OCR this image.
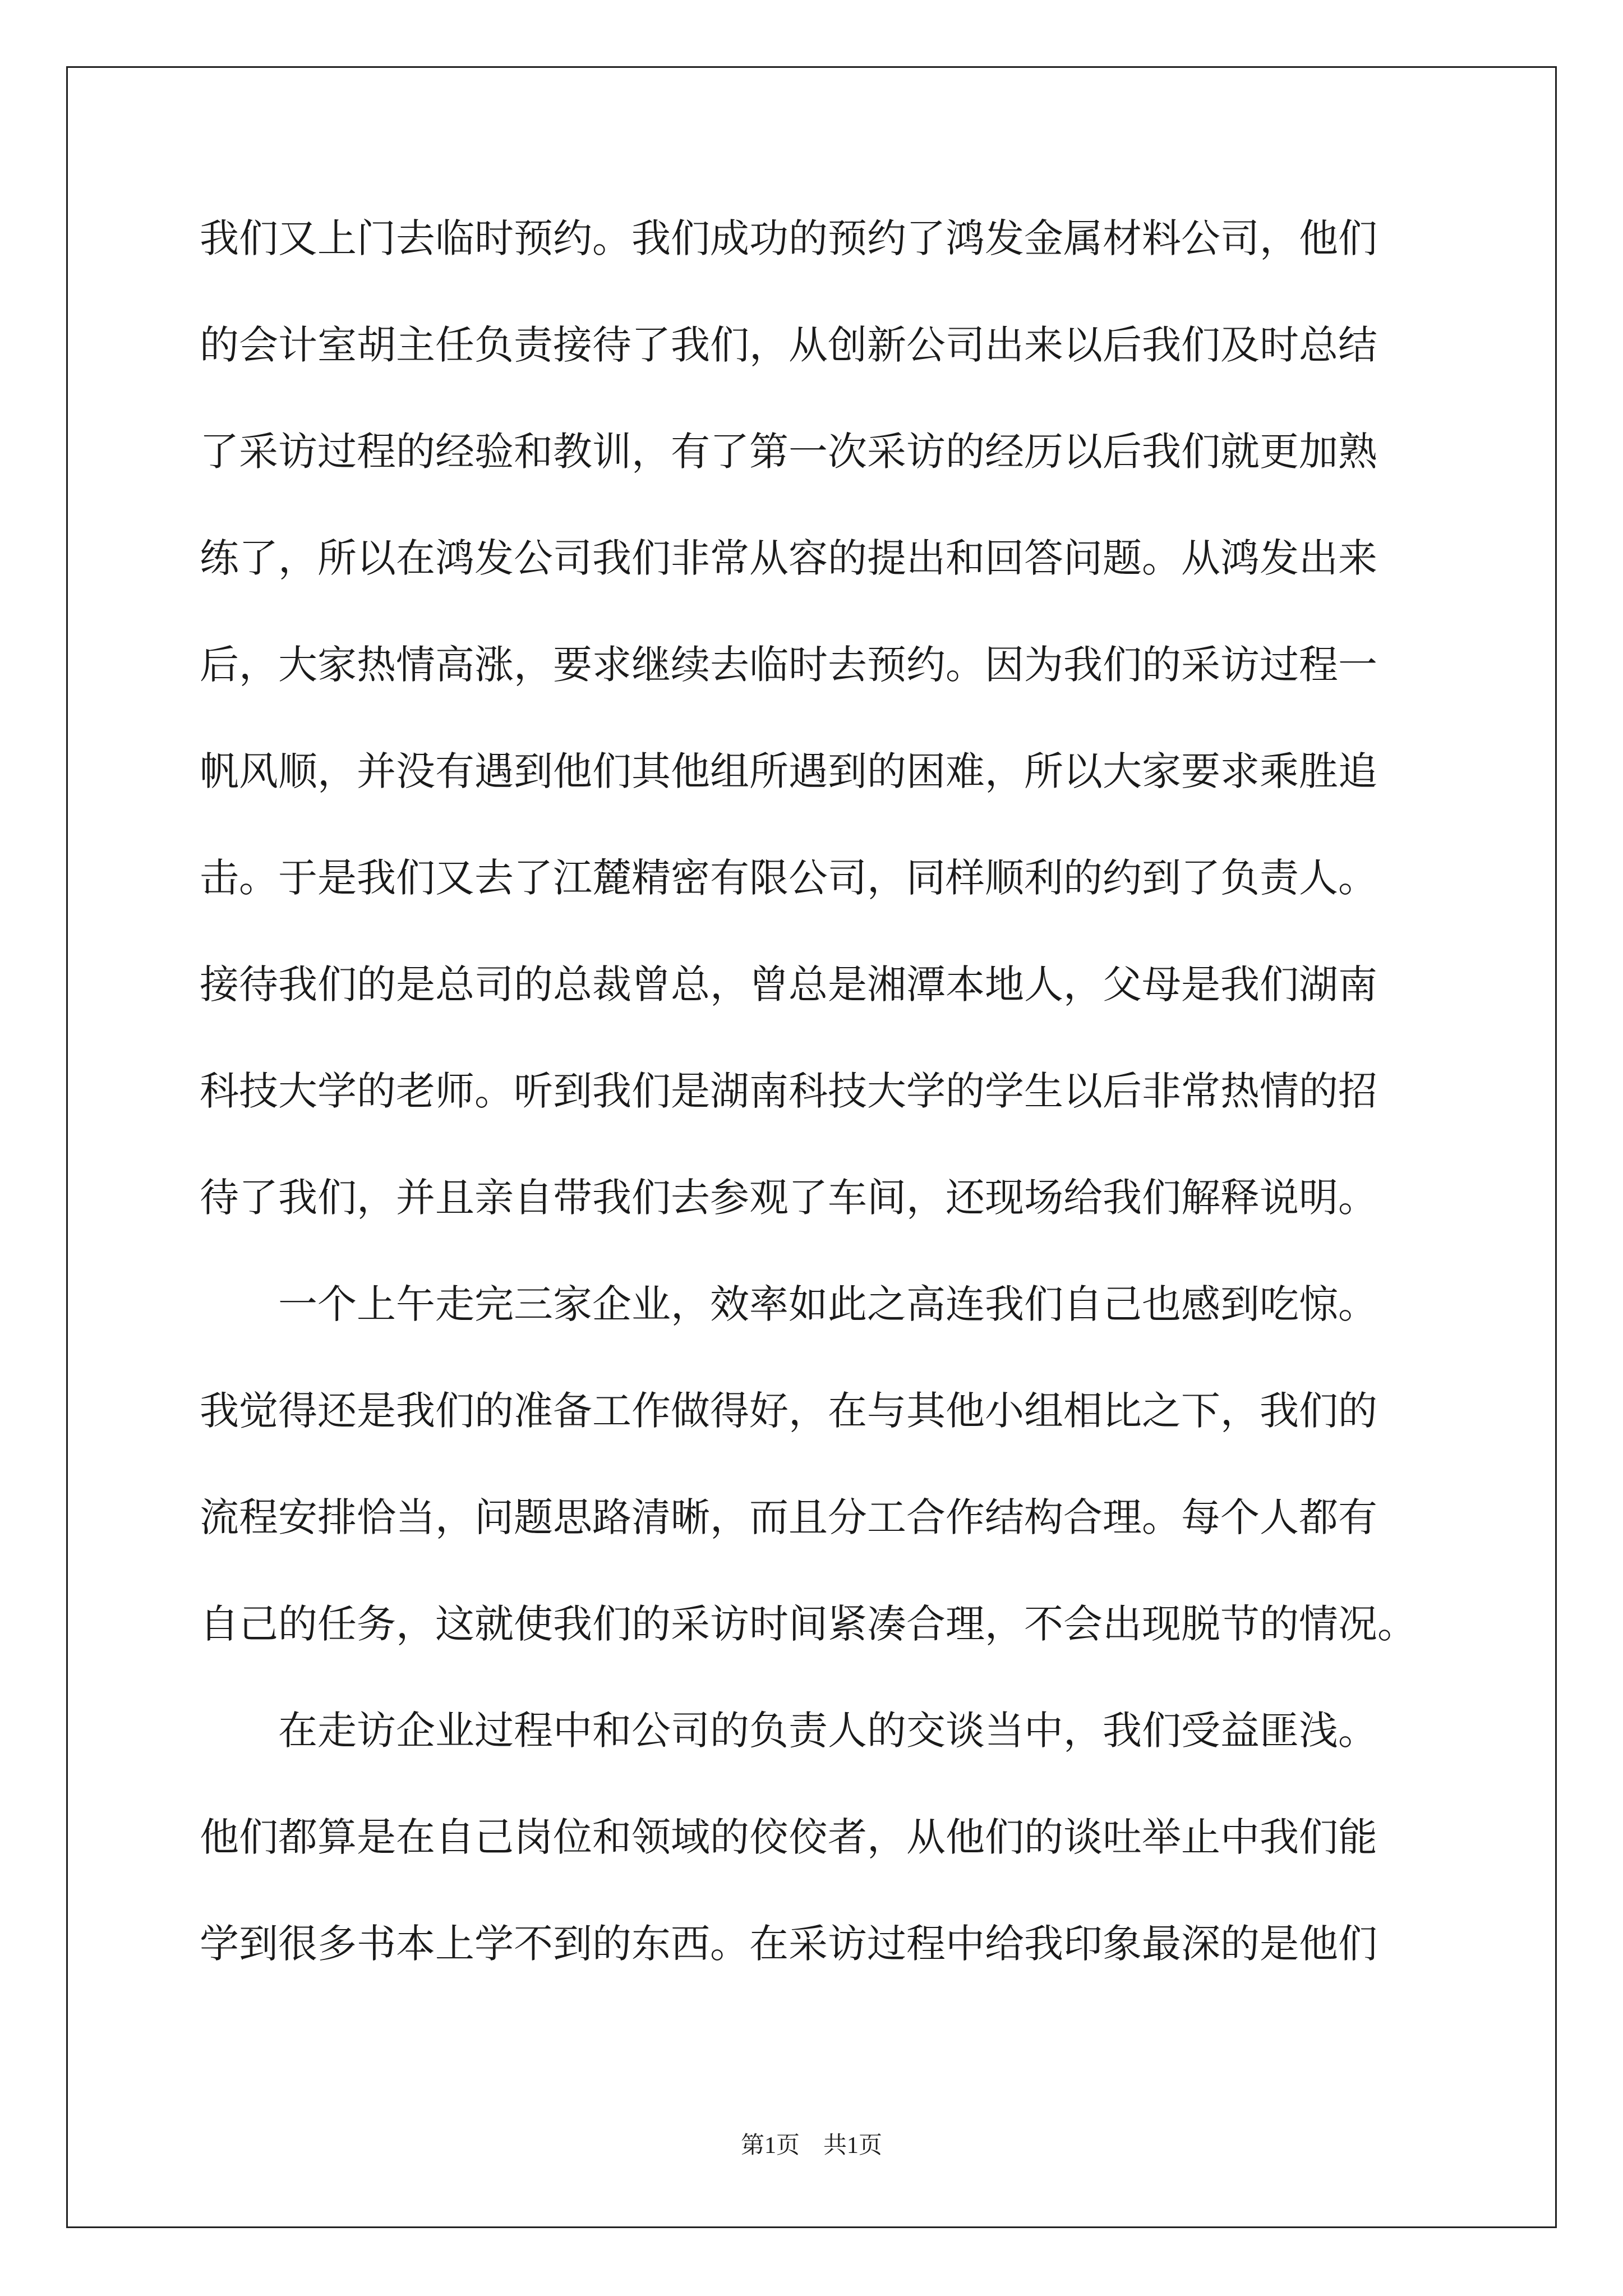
我们又上门去临时预约。我们成功的预约了鸿发金属材料公司，他们
的会计室胡主任负责接待了我们，从创新公司出来以后我们及时总结
了采访过程的经验和教训，有了第一次采访的经历以后我们就更加熟
练了，所以在鸿发公司我们非常从容的提出和回答问题。从鸿发出来
后，大家热情高涨，要求继续去临时去预约。因为我们的采访过程一
帆风顺，并没有遇到他们其他组所遇到的困难，所以大家要求乘胜追
击。于是我们又去了江麓精密有限公司，同样顺利的约到了负责人。
接待我们的是总司的总裁曾总，曾总是湘潭本地人，父母是我们湖南
科技大学的老师。听到我们是湖南科技大学的学生以后非常热情的招
待了我们，并且亲自带我们去参观了车间，还现场给我们解释说明。
　　一个上午走完三家企业，效率如此之高连我们自己也感到吃惊。
我觉得还是我们的准备工作做得好，在与其他小组相比之下，我们的
流程安排恰当，问题思路清晰，而且分工合作结构合理。每个人都有
自己的任务，这就使我们的采访时间紧凑合理，不会出现脱节的情况。
　　在走访企业过程中和公司的负责人的交谈当中，我们受益匪浅。
他们都算是在自己岗位和领域的佼佼者，从他们的谈吐举止中我们能
学到很多书本上学不到的东西。在采访过程中给我印象最深的是他们
第1页　共1页
